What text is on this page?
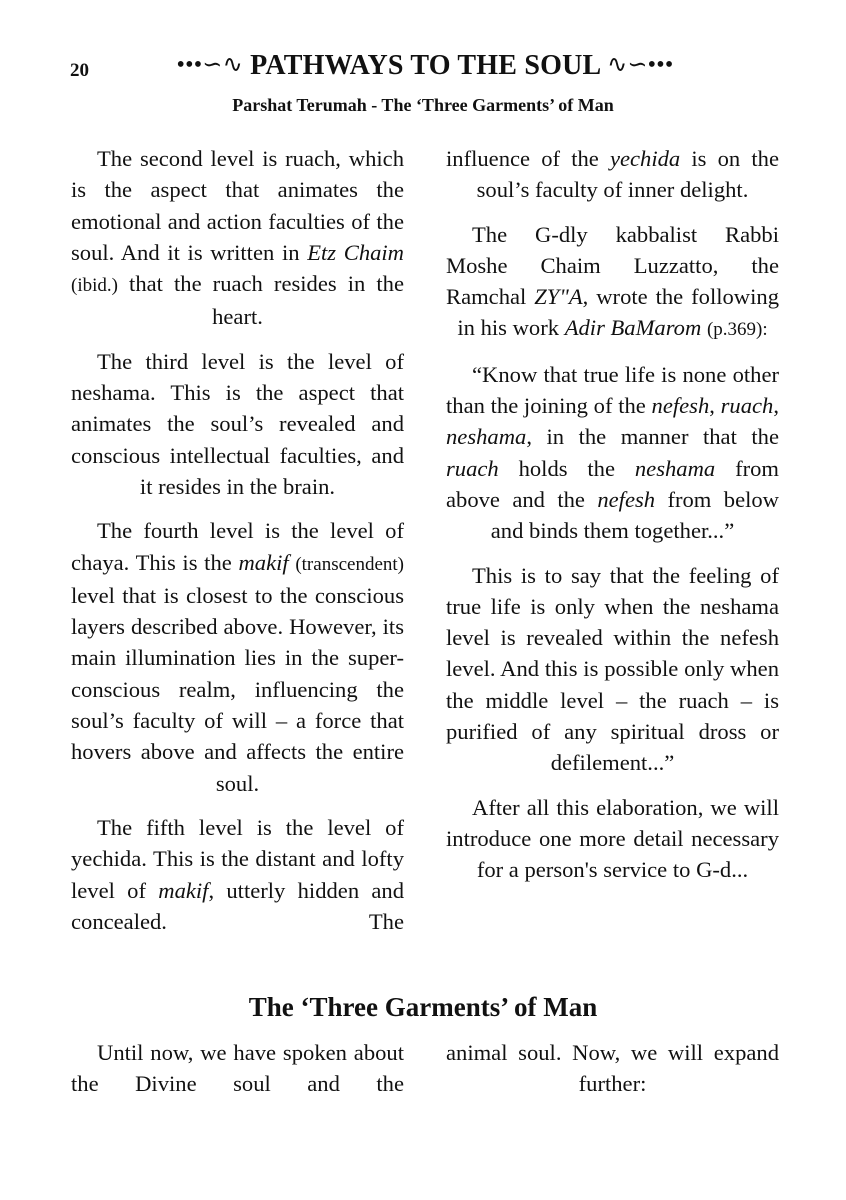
20	•••∽∿ PATHWAYS TO THE SOUL ∿∽•••
Parshat Terumah - The ‘Three Garments’ of Man

The second level is ruach, which is the aspect that animates the emotional and action faculties of the soul. And it is written in Etz Chaim (ibid.) that the ruach resides in the heart.

The third level is the level of neshama. This is the aspect that animates the soul’s revealed and conscious intellectual faculties, and it resides in the brain.

The fourth level is the level of chaya. This is the makif (transcendent) level that is closest to the conscious layers described above. However, its main illumination lies in the super-conscious realm, influencing the soul’s faculty of will – a force that hovers above and affects the entire soul.

The fifth level is the level of yechida. This is the distant and lofty level of makif, utterly hidden and concealed. The

influence of the yechida is on the soul’s faculty of inner delight.

The G-dly kabbalist Rabbi Moshe Chaim Luzzatto, the Ramchal ZY"A, wrote the following in his work Adir BaMarom (p.369):

“Know that true life is none other than the joining of the nefesh, ruach, neshama, in the manner that the ruach holds the neshama from above and the nefesh from below and binds them together...”

This is to say that the feeling of true life is only when the neshama level is revealed within the nefesh level. And this is possible only when the middle level – the ruach – is purified of any spiritual dross or defilement...”

After all this elaboration, we will introduce one more detail necessary for a person's service to G-d...

The ‘Three Garments’ of Man

Until now, we have spoken about the Divine soul and the

animal soul. Now, we will expand further:
